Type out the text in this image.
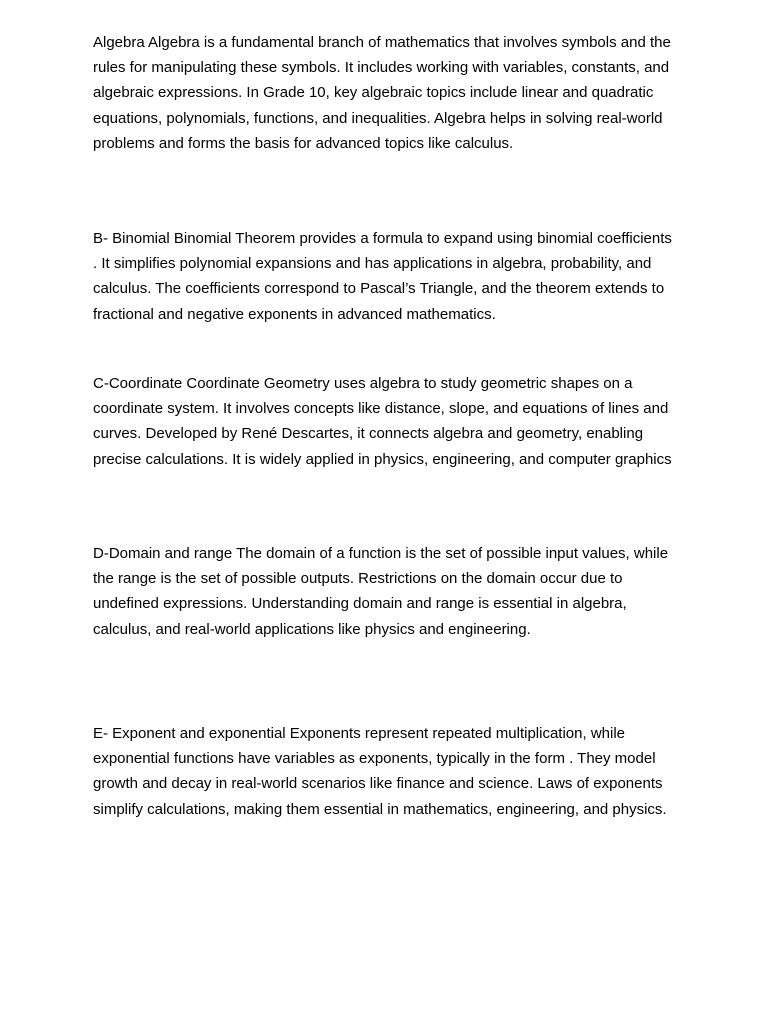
Algebra Algebra is a fundamental branch of mathematics that involves symbols and the rules for manipulating these symbols. It includes working with variables, constants, and algebraic expressions. In Grade 10, key algebraic topics include linear and quadratic equations, polynomials, functions, and inequalities. Algebra helps in solving real-world problems and forms the basis for advanced topics like calculus.

B- Binomial Binomial Theorem provides a formula to expand using binomial coefficients . It simplifies polynomial expansions and has applications in algebra, probability, and calculus. The coefficients correspond to Pascal’s Triangle, and the theorem extends to fractional and negative exponents in advanced mathematics.

C-Coordinate Coordinate Geometry uses algebra to study geometric shapes on a coordinate system. It involves concepts like distance, slope, and equations of lines and curves. Developed by René Descartes, it connects algebra and geometry, enabling precise calculations. It is widely applied in physics, engineering, and computer graphics

D-Domain and range The domain of a function is the set of possible input values, while the range is the set of possible outputs. Restrictions on the domain occur due to undefined expressions. Understanding domain and range is essential in algebra, calculus, and real-world applications like physics and engineering.

E- Exponent and exponential Exponents represent repeated multiplication, while exponential functions have variables as exponents, typically in the form . They model growth and decay in real-world scenarios like finance and science. Laws of exponents simplify calculations, making them essential in mathematics, engineering, and physics.
